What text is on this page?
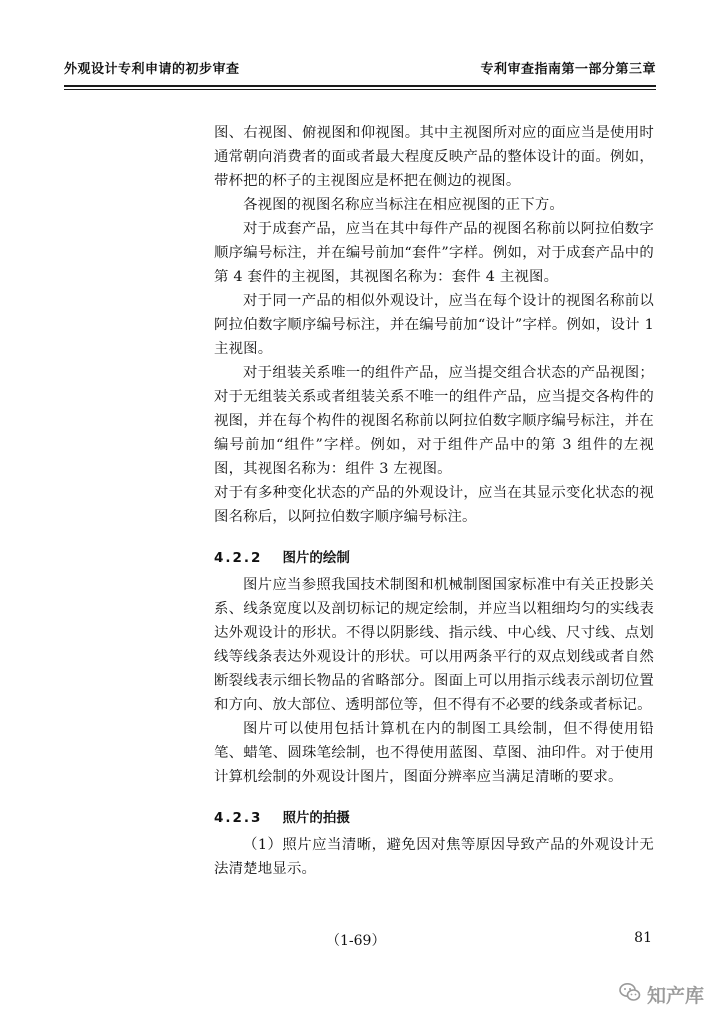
外观设计专利申请的初步审查	专利审查指南第一部分第三章

图、右视图、俯视图和仰视图。其中主视图所对应的面应当是使用时通常朝向消费者的面或者最大程度反映产品的整体设计的面。例如，带杯把的杯子的主视图应是杯把在侧边的视图。

各视图的视图名称应当标注在相应视图的正下方。

对于成套产品，应当在其中每件产品的视图名称前以阿拉伯数字顺序编号标注，并在编号前加“套件”字样。例如，对于成套产品中的第 4 套件的主视图，其视图名称为：套件 4 主视图。

对于同一产品的相似外观设计，应当在每个设计的视图名称前以阿拉伯数字顺序编号标注，并在编号前加“设计”字样。例如，设计 1 主视图。

对于组装关系唯一的组件产品，应当提交组合状态的产品视图；对于无组装关系或者组装关系不唯一的组件产品，应当提交各构件的视图，并在每个构件的视图名称前以阿拉伯数字顺序编号标注，并在编号前加“组件”字样。例如，对于组件产品中的第 3 组件的左视图，其视图名称为：组件 3 左视图。

对于有多种变化状态的产品的外观设计，应当在其显示变化状态的视图名称后，以阿拉伯数字顺序编号标注。

4.2.2 图片的绘制

图片应当参照我国技术制图和机械制图国家标准中有关正投影关系、线条宽度以及剖切标记的规定绘制，并应当以粗细均匀的实线表达外观设计的形状。不得以阴影线、指示线、中心线、尺寸线、点划线等线条表达外观设计的形状。可以用两条平行的双点划线或者自然断裂线表示细长物品的省略部分。图面上可以用指示线表示剖切位置和方向、放大部位、透明部位等，但不得有不必要的线条或者标记。

图片可以使用包括计算机在内的制图工具绘制，但不得使用铅笔、蜡笔、圆珠笔绘制，也不得使用蓝图、草图、油印件。对于使用计算机绘制的外观设计图片，图面分辨率应当满足清晰的要求。

4.2.3 照片的拍摄

（1）照片应当清晰，避免因对焦等原因导致产品的外观设计无法清楚地显示。

（1-69）	81
知产库
